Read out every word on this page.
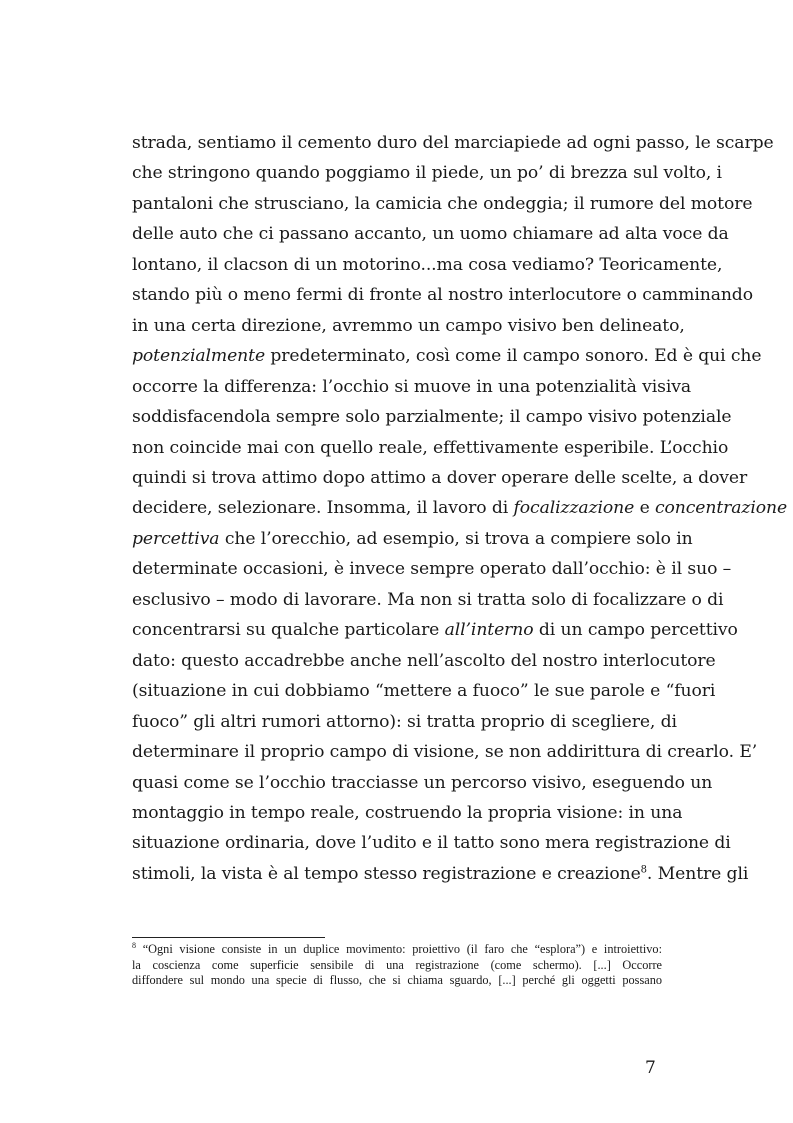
strada, sentiamo il cemento duro del marciapiede ad ogni passo, le scarpe
che stringono quando poggiamo il piede, un po’ di brezza sul volto, i
pantaloni che strusciano, la camicia che ondeggia; il rumore del motore
delle auto che ci passano accanto, un uomo chiamare ad alta voce da
lontano, il clacson di un motorino...ma cosa vediamo? Teoricamente,
stando più o meno fermi di fronte al nostro interlocutore o camminando
in una certa direzione, avremmo un campo visivo ben delineato,
potenzialmente predeterminato, così come il campo sonoro. Ed è qui che
occorre la differenza: l’occhio si muove in una potenzialità visiva
soddisfacendola sempre solo parzialmente; il campo visivo potenziale
non coincide mai con quello reale, effettivamente esperibile. L’occhio
quindi si trova attimo dopo attimo a dover operare delle scelte, a dover
decidere, selezionare. Insomma, il lavoro di focalizzazione e concentrazione
percettiva che l’orecchio, ad esempio, si trova a compiere solo in
determinate occasioni, è invece sempre operato dall’occhio: è il suo –
esclusivo – modo di lavorare. Ma non si tratta solo di focalizzare o di
concentrarsi su qualche particolare all’interno di un campo percettivo
dato: questo accadrebbe anche nell’ascolto del nostro interlocutore
(situazione in cui dobbiamo “mettere a fuoco” le sue parole e “fuori
fuoco” gli altri rumori attorno): si tratta proprio di scegliere, di
determinare il proprio campo di visione, se non addirittura di crearlo. E’
quasi come se l’occhio tracciasse un percorso visivo, eseguendo un
montaggio in tempo reale, costruendo la propria visione: in una
situazione ordinaria, dove l’udito e il tatto sono mera registrazione di
stimoli, la vista è al tempo stesso registrazione e creazione$^8$. Mentre gli
$^8$ “Ogni visione consiste in un duplice movimento: proiettivo (il faro che “esplora”) e introiettivo:
la coscienza come superficie sensibile di una registrazione (come schermo). [...] Occorre
diffondere sul mondo una specie di flusso, che si chiama sguardo, [...] perché gli oggetti possano
7
